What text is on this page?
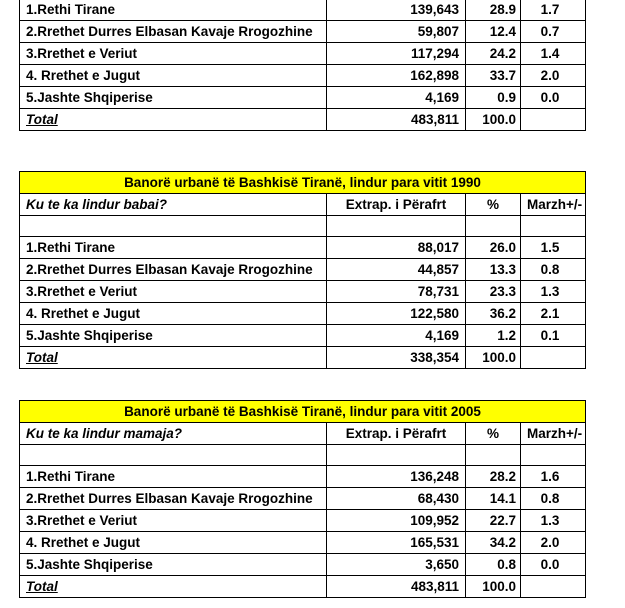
1.Rethi Tirane	139,643	28.9	1.7
2.Rrethet Durres Elbasan Kavaje Rrogozhine	59,807	12.4	0.7
3.Rrethet e Veriut	117,294	24.2	1.4
4. Rrethet e Jugut	162,898	33.7	2.0
5.Jashte Shqiperise	4,169	0.9	0.0
Total	483,811	100.0	
Banorë urbanë të Bashkisë Tiranë, lindur para vitit 1990			
Ku te ka lindur babai?	Extrap. i Përafrt	%	Marzh+/-

1.Rethi Tirane	88,017	26.0	1.5
2.Rrethet Durres Elbasan Kavaje Rrogozhine	44,857	13.3	0.8
3.Rrethet e Veriut	78,731	23.3	1.3
4. Rrethet e Jugut	122,580	36.2	2.1
5.Jashte Shqiperise	4,169	1.2	0.1
Total	338,354	100.0	
Banorë urbanë të Bashkisë Tiranë, lindur para vitit 2005			
Ku te ka lindur mamaja?	Extrap. i Përafrt	%	Marzh+/-

1.Rethi Tirane	136,248	28.2	1.6
2.Rrethet Durres Elbasan Kavaje Rrogozhine	68,430	14.1	0.8
3.Rrethet e Veriut	109,952	22.7	1.3
4. Rrethet e Jugut	165,531	34.2	2.0
5.Jashte Shqiperise	3,650	0.8	0.0
Total	483,811	100.0	
